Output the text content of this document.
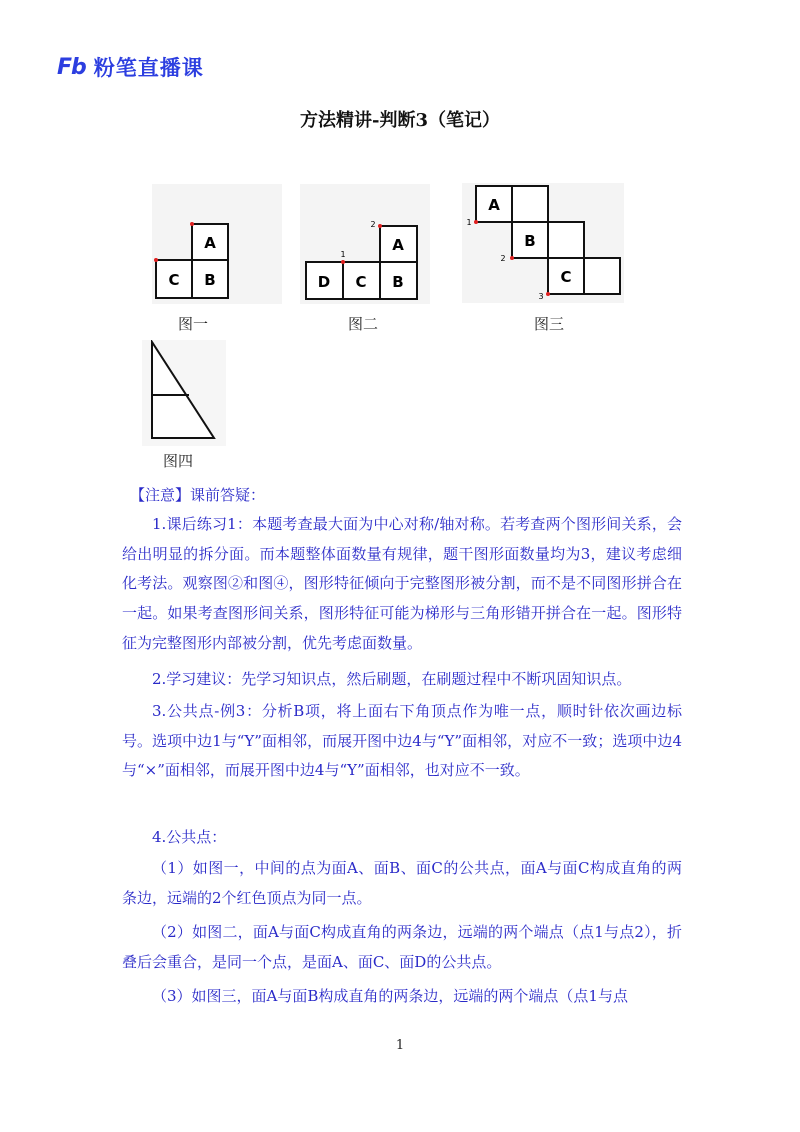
Fb 粉笔直播课
方法精讲-判断3（笔记）
A
C B
图一
1
2
A
D C B
图二
1
2
3
A
B
C
图三
图四
【注意】课前答疑：

1.课后练习1：本题考查最大面为中心对称/轴对称。若考查两个图形间关系，会给出明显的拆分面。而本题整体面数量有规律，题干图形面数量均为3，建议考虑细化考法。观察图②和图④，图形特征倾向于完整图形被分割，而不是不同图形拼合在一起。如果考查图形间关系，图形特征可能为梯形与三角形错开拼合在一起。图形特征为完整图形内部被分割，优先考虑面数量。

2.学习建议：先学习知识点，然后刷题，在刷题过程中不断巩固知识点。

3.公共点-例3：分析B项，将上面右下角顶点作为唯一点，顺时针依次画边标号。选项中边1与“Y”面相邻，而展开图中边4与“Y”面相邻，对应不一致；选项中边4与“×”面相邻，而展开图中边4与“Y”面相邻，也对应不一致。

4.公共点：

（1）如图一，中间的点为面A、面B、面C的公共点，面A与面C构成直角的两条边，远端的2个红色顶点为同一点。

（2）如图二，面A与面C构成直角的两条边，远端的两个端点（点1与点2），折叠后会重合，是同一个点，是面A、面C、面D的公共点。

（3）如图三，面A与面B构成直角的两条边，远端的两个端点（点1与点

1
